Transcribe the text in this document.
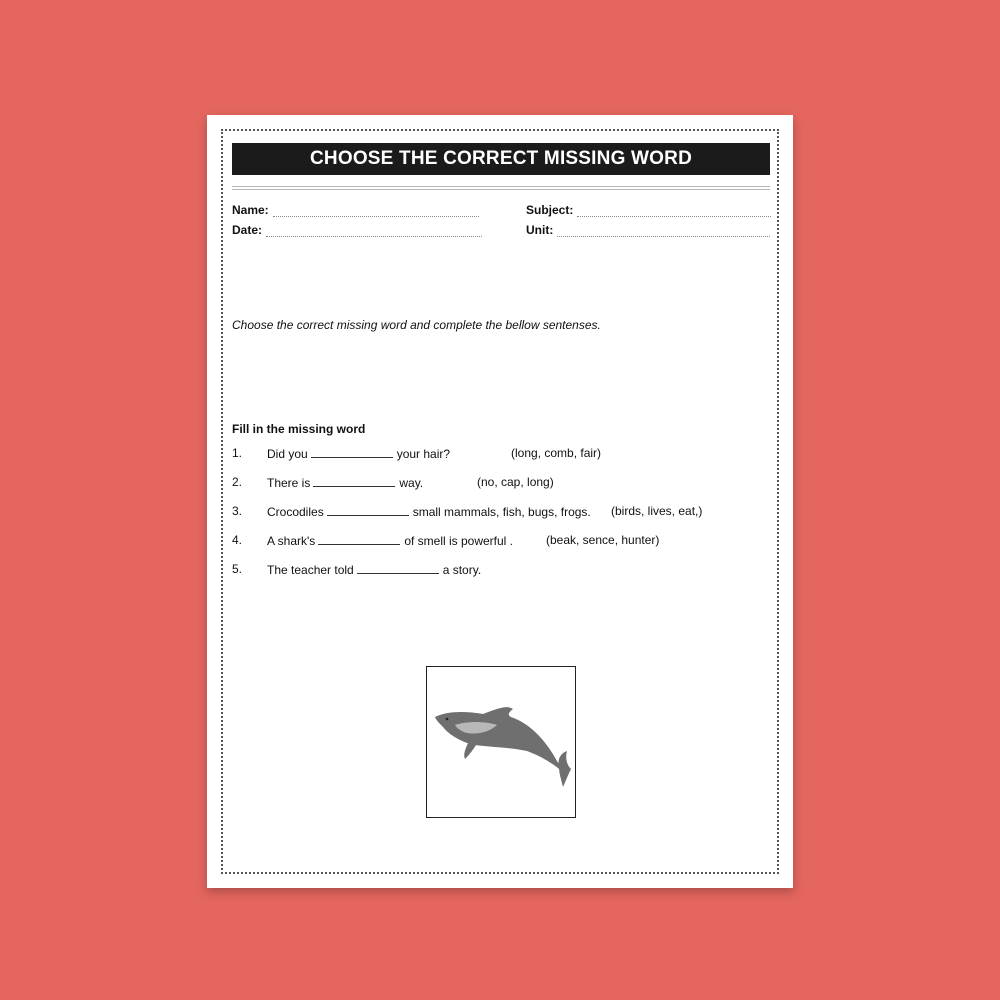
CHOOSE THE CORRECT MISSING WORD
Name:
Date:
Subject:
Unit:
Choose the correct missing word and complete the bellow sentenses.
Fill in the missing word
1. Did you	your hair?	(long, comb, fair)
2. There is	way.	(no, cap, long)
3. Crocodiles	small mammals, fish, bugs, frogs. (birds, lives, eat,)
4. A shark's	of smell is powerful .	(beak, sence, hunter)
5. The teacher told	a story.
